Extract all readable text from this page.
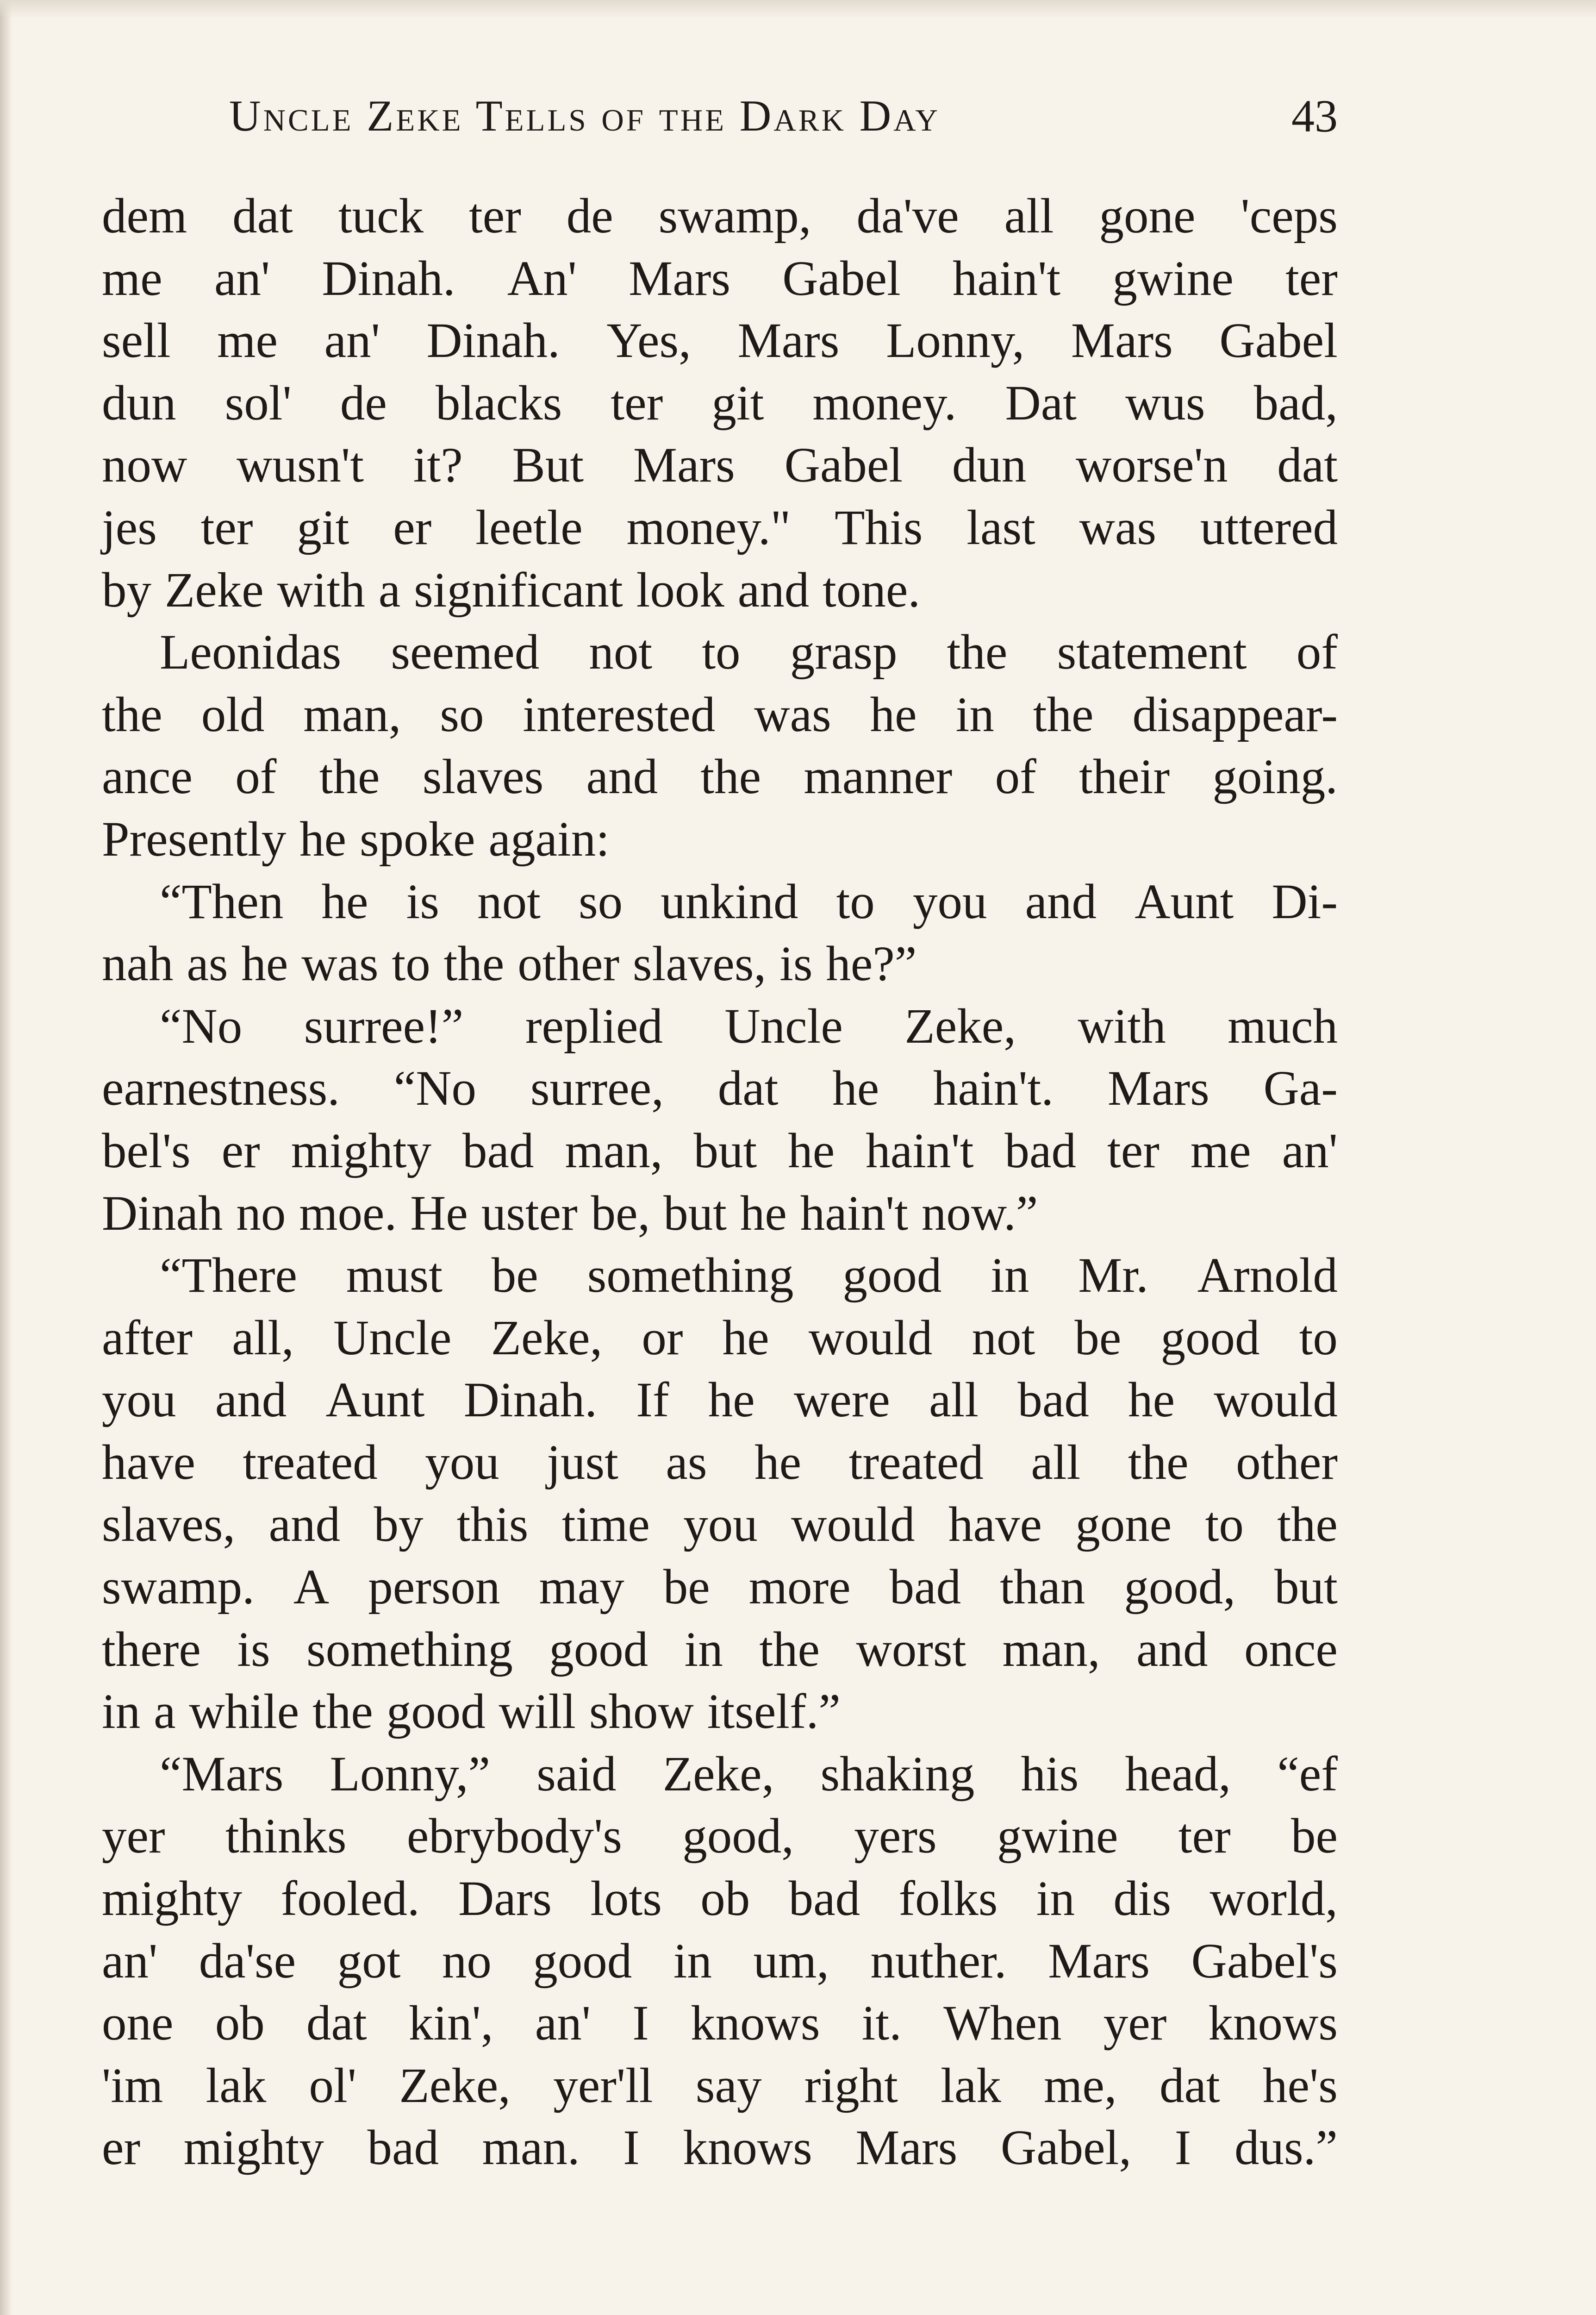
Uncle Zeke Tells of the Dark Day	43
dem dat tuck ter de swamp, da've all gone 'ceps
me an' Dinah. An' Mars Gabel hain't gwine ter
sell me an' Dinah. Yes, Mars Lonny, Mars Gabel
dun sol' de blacks ter git money. Dat wus bad,
now wusn't it? But Mars Gabel dun worse'n dat
jes ter git er leetle money." This last was uttered
by Zeke with a significant look and tone.
Leonidas seemed not to grasp the statement of
the old man, so interested was he in the disappear-
ance of the slaves and the manner of their going.
Presently he spoke again:
“Then he is not so unkind to you and Aunt Di-
nah as he was to the other slaves, is he?”
“No surree!” replied Uncle Zeke, with much
earnestness. “No surree, dat he hain't. Mars Ga-
bel's er mighty bad man, but he hain't bad ter me an'
Dinah no moe. He uster be, but he hain't now.”
“There must be something good in Mr. Arnold
after all, Uncle Zeke, or he would not be good to
you and Aunt Dinah. If he were all bad he would
have treated you just as he treated all the other
slaves, and by this time you would have gone to the
swamp. A person may be more bad than good, but
there is something good in the worst man, and once
in a while the good will show itself.”
“Mars Lonny,” said Zeke, shaking his head, “ef
yer thinks ebrybody's good, yers gwine ter be
mighty fooled. Dars lots ob bad folks in dis world,
an' da'se got no good in um, nuther. Mars Gabel's
one ob dat kin', an' I knows it. When yer knows
'im lak ol' Zeke, yer'll say right lak me, dat he's
er mighty bad man. I knows Mars Gabel, I dus.”
